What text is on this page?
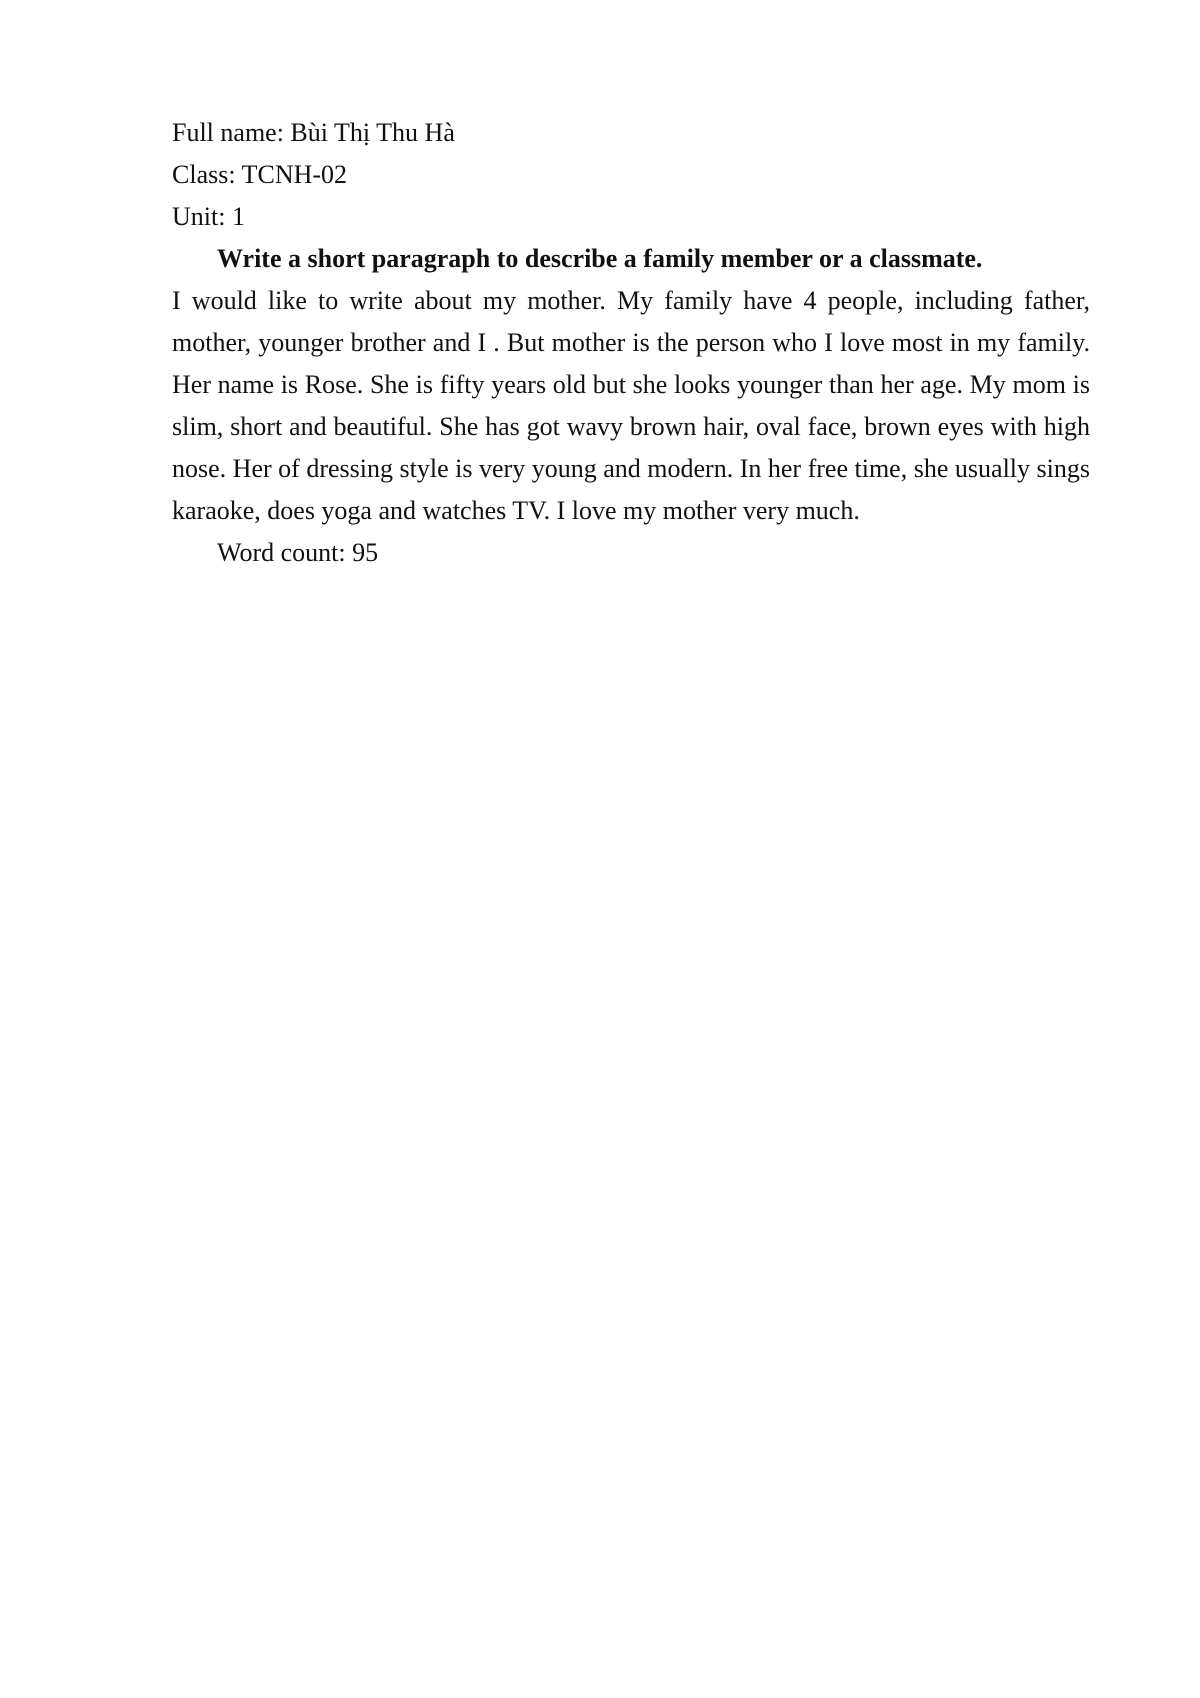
Full name: Bùi Thị Thu Hà

Class: TCNH-02

Unit: 1

Write a short paragraph to describe a family member or a classmate.

I would like to write about my mother. My family have 4 people, including father, mother, younger brother and I . But mother is the person who I love most in my family. Her name is Rose. She is fifty years old but she looks younger than her age. My mom is slim, short and beautiful. She has got wavy brown hair, oval face, brown eyes with high nose. Her of dressing style is very young and modern. In her free time, she usually sings karaoke, does yoga and watches TV. I love my mother very much.

Word count: 95
